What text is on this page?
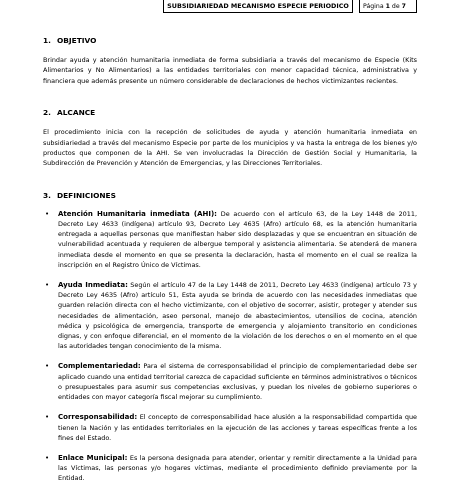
SUBSIDIARIEDAD MECANISMO ESPECIE PERIODICO Página 1 de 7

1. OBJETIVO

Brindar ayuda y atención humanitaria inmediata de forma subsidiaria a través del mecanismo de Especie (Kits Alimentarios y No Alimentarios) a las entidades territoriales con menor capacidad técnica, administrativa y financiera que además presente un número considerable de declaraciones de hechos victimizantes recientes.

2. ALCANCE

El procedimiento inicia con la recepción de solicitudes de ayuda y atención humanitaria inmediata en subsidiariedad a través del mecanismo Especie por parte de los municipios y va hasta la entrega de los bienes y/o productos que componen de la AHI. Se ven involucradas la Dirección de Gestión Social y Humanitaria, la Subdirección de Prevención y Atención de Emergencias, y las Direcciones Territoriales.

3. DEFINICIONES

• Atención Humanitaria inmediata (AHI): De acuerdo con el artículo 63, de la Ley 1448 de 2011, Decreto Ley 4633 (indígena) artículo 93, Decreto Ley 4635 (Afro) artículo 68, es la atención humanitaria entregada a aquellas personas que manifiestan haber sido desplazadas y que se encuentran en situación de vulnerabilidad acentuada y requieren de albergue temporal y asistencia alimentaria. Se atenderá de manera inmediata desde el momento en que se presenta la declaración, hasta el momento en el cual se realiza la inscripción en el Registro Único de Víctimas.
• Ayuda Inmediata: Según el artículo 47 de la Ley 1448 de 2011, Decreto Ley 4633 (indígena) artículo 73 y Decreto Ley 4635 (Afro) artículo 51, Esta ayuda se brinda de acuerdo con las necesidades inmediatas que guarden relación directa con el hecho victimizante, con el objetivo de socorrer, asistir, proteger y atender sus necesidades de alimentación, aseo personal, manejo de abastecimientos, utensilios de cocina, atención médica y psicológica de emergencia, transporte de emergencia y alojamiento transitorio en condiciones dignas, y con enfoque diferencial, en el momento de la violación de los derechos o en el momento en el que las autoridades tengan conocimiento de la misma.
• Complementariedad: Para el sistema de corresponsabilidad el principio de complementariedad debe ser aplicado cuando una entidad territorial carezca de capacidad suficiente en términos administrativos o técnicos o presupuestales para asumir sus competencias exclusivas, y puedan los niveles de gobierno superiores o entidades con mayor categoría fiscal mejorar su cumplimiento.
• Corresponsabilidad: El concepto de corresponsabilidad hace alusión a la responsabilidad compartida que tienen la Nación y las entidades territoriales en la ejecución de las acciones y tareas específicas frente a los fines del Estado.
• Enlace Municipal: Es la persona designada para atender, orientar y remitir directamente a la Unidad para las Víctimas, las personas y/o hogares víctimas, mediante el procedimiento definido previamente por la Entidad.
